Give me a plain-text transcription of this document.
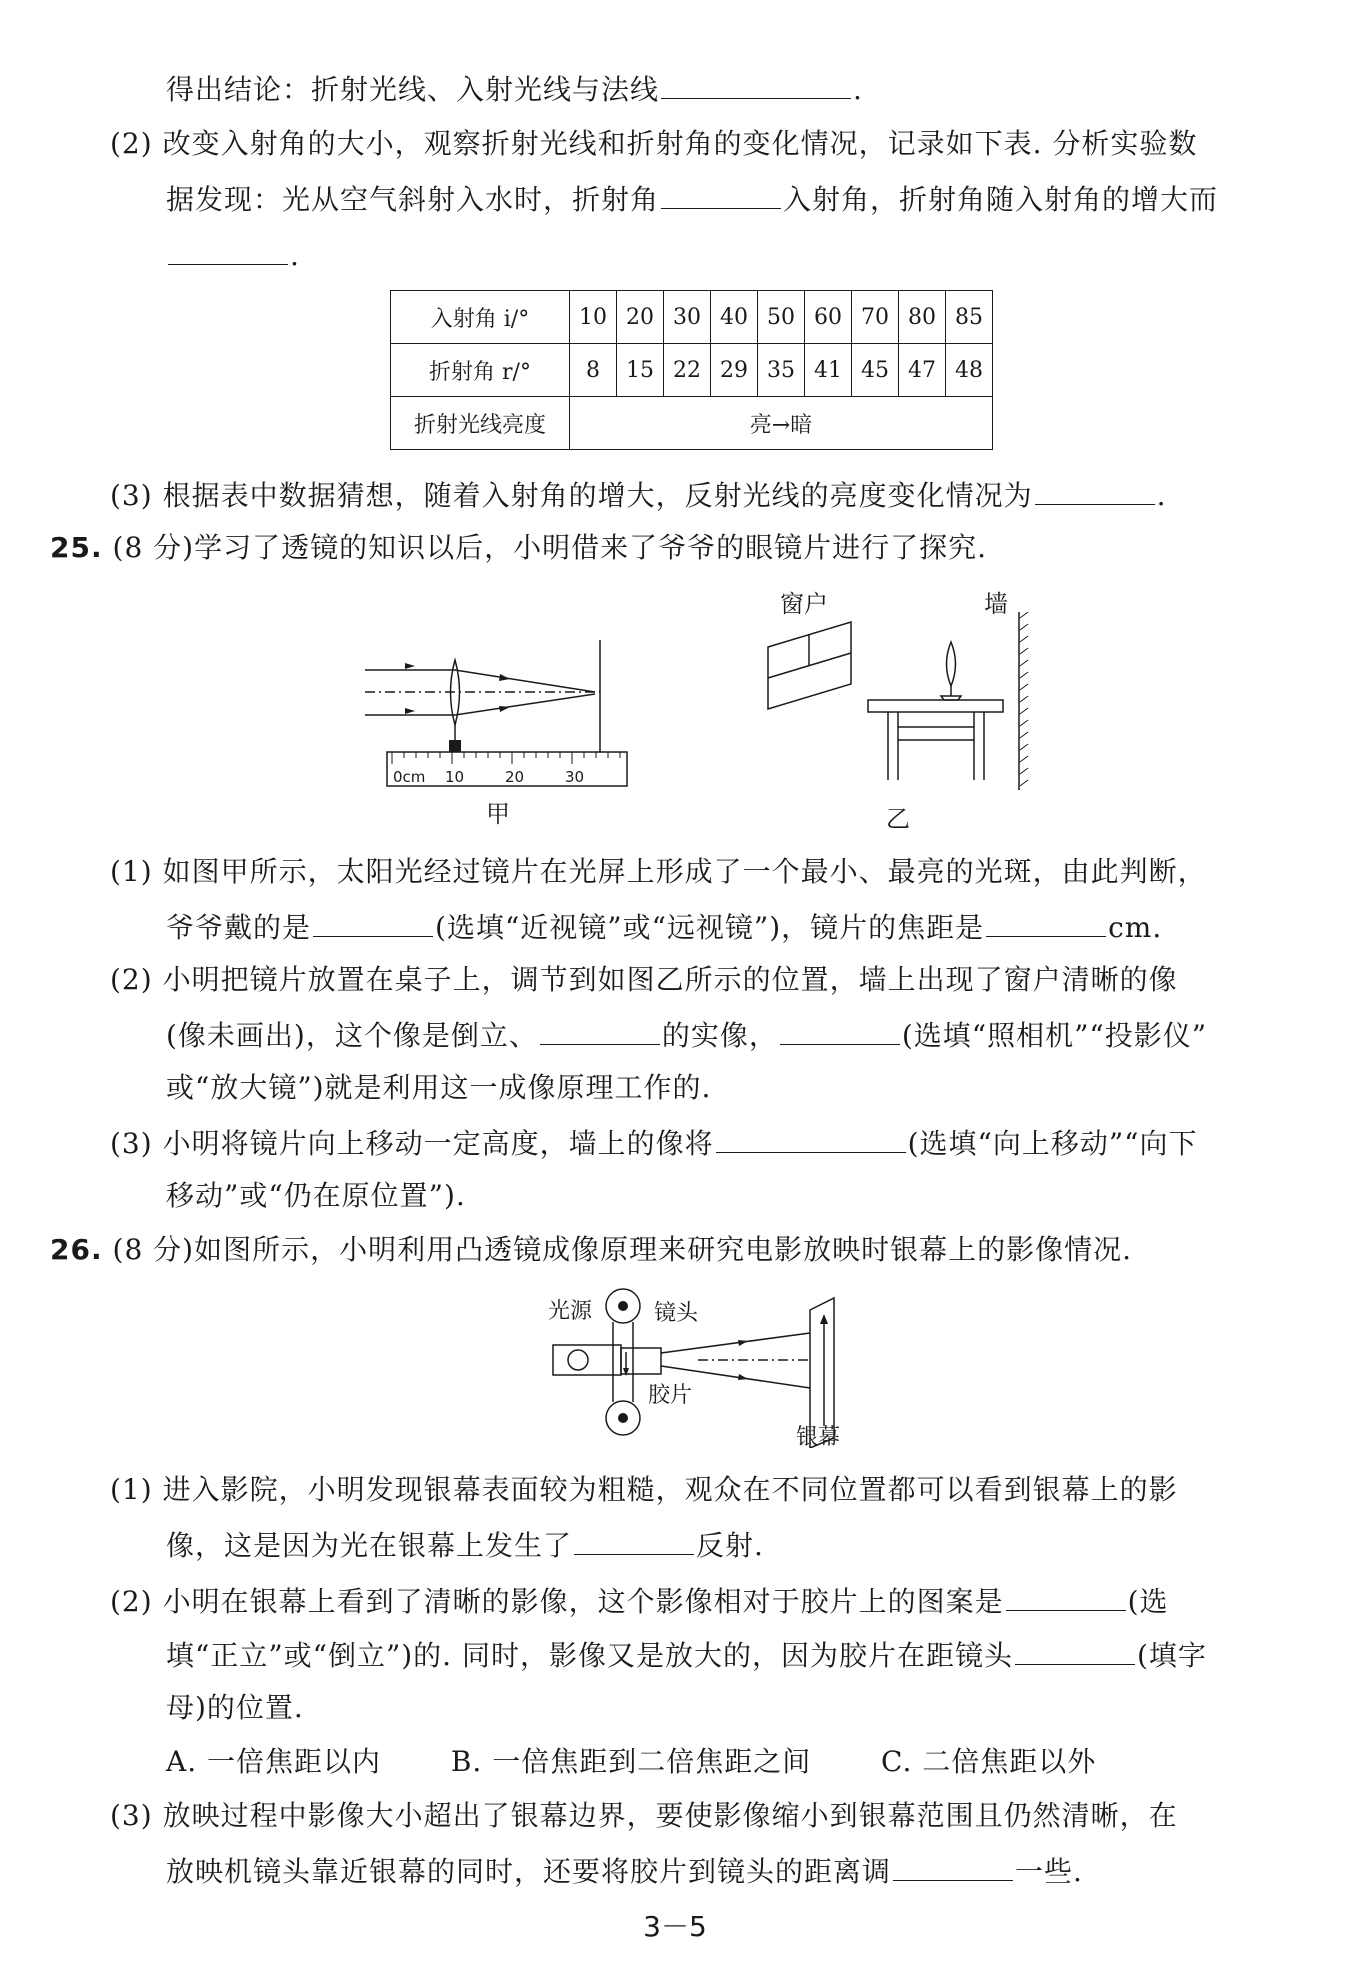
得出结论：折射光线、入射光线与法线	.
(2) 改变入射角的大小，观察折射光线和折射角的变化情况，记录如下表. 分析实验数
据发现：光从空气斜射入水时，折射角	入射角，折射角随入射角的增大而
.
入射角 i/°	10	20	30	40	50	60	70	80	85
折射角 r/°	8	15	22	29	35	41	45	47	48
折射光线亮度	亮→暗								
(3) 根据表中数据猜想，随着入射角的增大，反射光线的亮度变化情况为	.
25. (8 分)学习了透镜的知识以后，小明借来了爷爷的眼镜片进行了探究.
0cm 10	20	30
甲
窗户	墙
乙
(1) 如图甲所示，太阳光经过镜片在光屏上形成了一个最小、最亮的光斑，由此判断，
爷爷戴的是	(选填“近视镜”或“远视镜”)，镜片的焦距是	cm.
(2) 小明把镜片放置在桌子上，调节到如图乙所示的位置，墙上出现了窗户清晰的像
(像未画出)，这个像是倒立、	的实像，	(选填“照相机”“投影仪”
或“放大镜”)就是利用这一成像原理工作的.
(3) 小明将镜片向上移动一定高度，墙上的像将	(选填“向上移动”“向下
移动”或“仍在原位置”).
26. (8 分)如图所示，小明利用凸透镜成像原理来研究电影放映时银幕上的影像情况.
光源	镜头
胶片
银幕
(1) 进入影院，小明发现银幕表面较为粗糙，观众在不同位置都可以看到银幕上的影
像，这是因为光在银幕上发生了	反射.
(2) 小明在银幕上看到了清晰的影像，这个影像相对于胶片上的图案是	(选
填“正立”或“倒立”)的. 同时，影像又是放大的，因为胶片在距镜头	(填字
母)的位置.
A. 一倍焦距以内 B. 一倍焦距到二倍焦距之间 C. 二倍焦距以外
(3) 放映过程中影像大小超出了银幕边界，要使影像缩小到银幕范围且仍然清晰，在
放映机镜头靠近银幕的同时，还要将胶片到镜头的距离调	一些.
3－5
